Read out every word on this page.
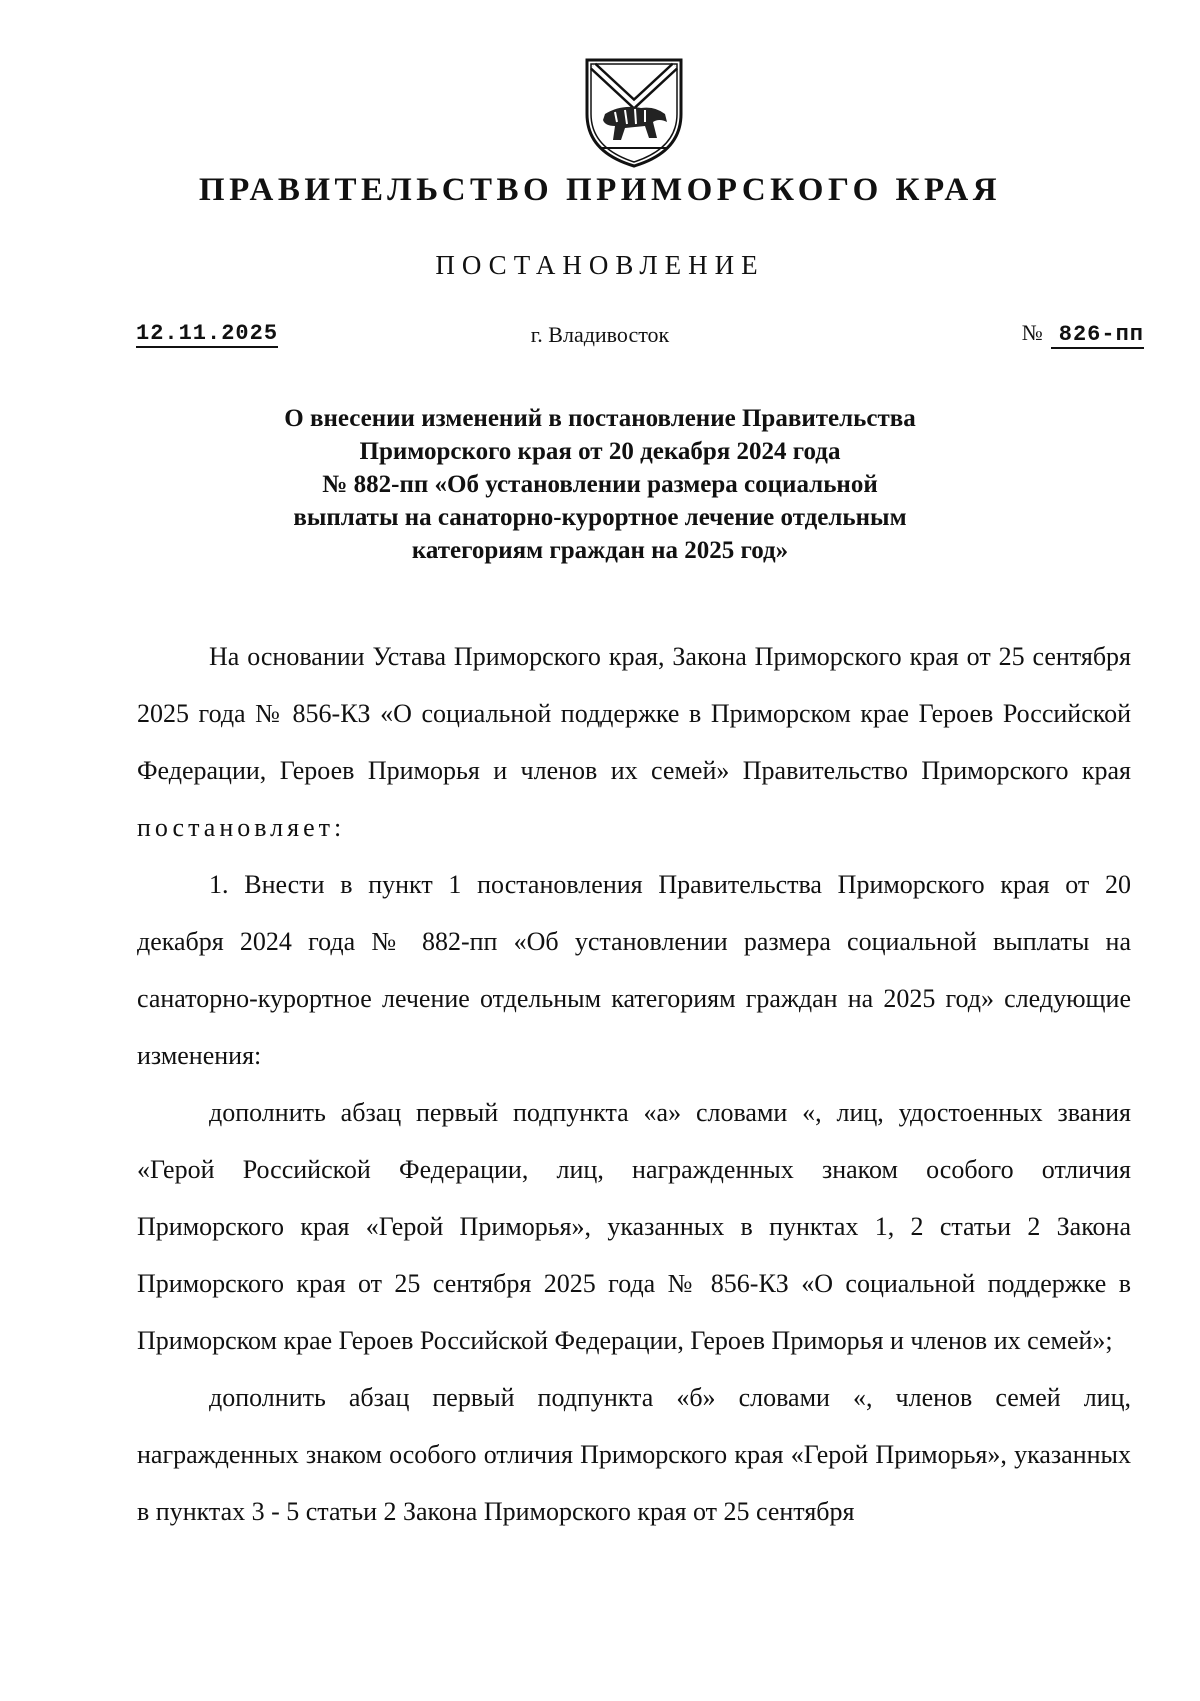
ПРАВИТЕЛЬСТВО ПРИМОРСКОГО КРАЯ
ПОСТАНОВЛЕНИЕ
12.11.2025	г. Владивосток	№ 826-пп
О внесении изменений в постановление Правительства
Приморского края от 20 декабря 2024 года
№ 882-пп «Об установлении размера социальной
выплаты на санаторно-курортное лечение отдельным
категориям граждан на 2025 год»

На основании Устава Приморского края, Закона Приморского края от 25 сентября 2025 года № 856-КЗ «О социальной поддержке в Приморском крае Героев Российской Федерации, Героев Приморья и членов их семей» Правительство Приморского края постановляет:

1. Внести в пункт 1 постановления Правительства Приморского края от 20 декабря 2024 года № 882-пп «Об установлении размера социальной выплаты на санаторно-курортное лечение отдельным категориям граждан на 2025 год» следующие изменения:

дополнить абзац первый подпункта «а» словами «, лиц, удостоенных звания «Герой Российской Федерации, лиц, награжденных знаком особого отличия Приморского края «Герой Приморья», указанных в пунктах 1, 2 статьи 2 Закона Приморского края от 25 сентября 2025 года № 856-КЗ «О социальной поддержке в Приморском крае Героев Российской Федерации, Героев Приморья и членов их семей»;

дополнить абзац первый подпункта «б» словами «, членов семей лиц, награжденных знаком особого отличия Приморского края «Герой Приморья», указанных в пунктах 3 - 5 статьи 2 Закона Приморского края от 25 сентября
